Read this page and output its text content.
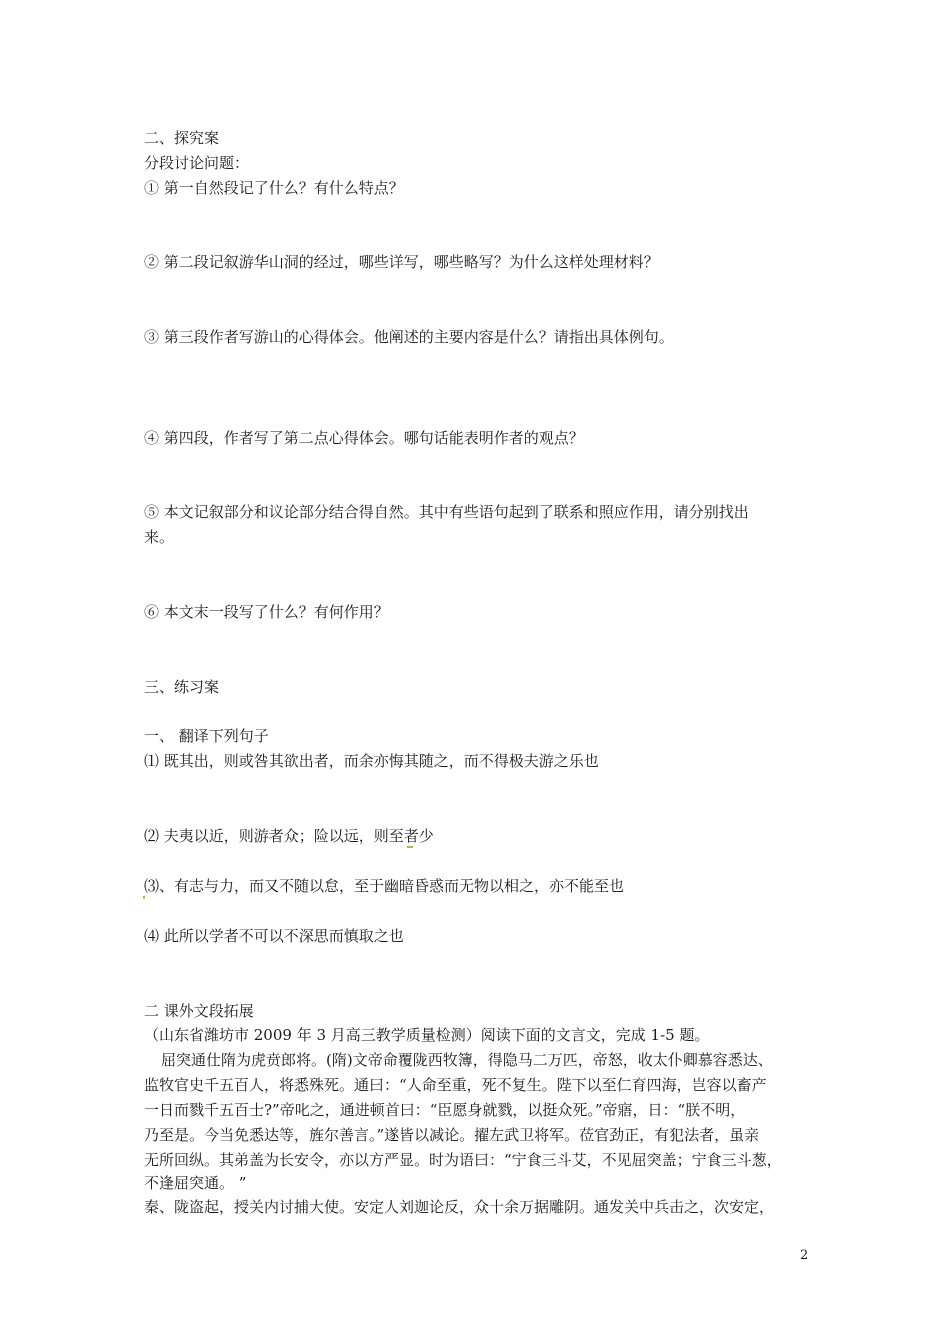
二、探究案
分段讨论问题：
① 第一自然段记了什么？有什么特点？
② 第二段记叙游华山洞的经过，哪些详写，哪些略写？为什么这样处理材料？
③ 第三段作者写游山的心得体会。他阐述的主要内容是什么？请指出具体例句。
④ 第四段，作者写了第二点心得体会。哪句话能表明作者的观点？
⑤ 本文记叙部分和议论部分结合得自然。其中有些语句起到了联系和照应作用，请分别找出
来。
⑥ 本文末一段写了什么？有何作用？
三、练习案
一、 翻译下列句子
⑴ 既其出，则或咎其欲出者，而余亦悔其随之，而不得极夫游之乐也
⑵ 夫夷以近，则游者众；险以远，则至者少
⑶、有志与力，而又不随以怠，至于幽暗昏惑而无物以相之，亦不能至也
⑷ 此所以学者不可以不深思而慎取之也
二 课外文段拓展
（山东省潍坊市 2009 年 3 月高三教学质量检测）阅读下面的文言文，完成 1-5 题。
屈突通仕隋为虎贲郎将。(隋)文帝命覆陇西牧簿，得隐马二万匹，帝怒，收太仆卿慕容悉达、
监牧官史千五百人，将悉殊死。通曰：“人命至重，死不复生。陛下以至仁育四海，岂容以畜产
一日而戮千五百士?”帝叱之，通进顿首曰：“臣愿身就戮，以挺众死。”帝寤，日：“朕不明，
乃至是。今当免悉达等，旌尔善言。”遂皆以减论。擢左武卫将军。莅官劲正，有犯法者，虽亲
无所回纵。其弟盖为长安令，亦以方严显。时为语曰：“宁食三斗艾，不见屈突盖；宁食三斗葱，
不逢屈突通。 ”
秦、陇盗起，授关内讨捕大使。安定人刘迦论反，众十余万据雕阴。通发关中兵击之，次安定，
2
